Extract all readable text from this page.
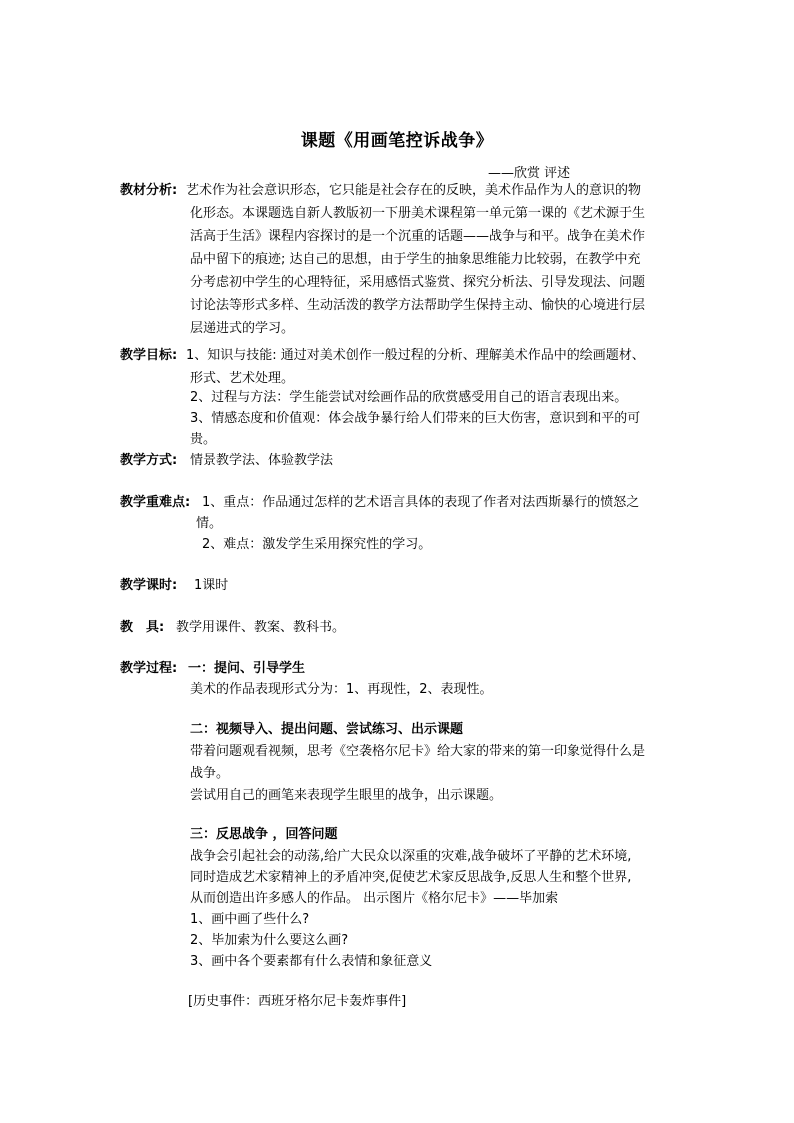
课题《用画笔控诉战争》
——欣赏 评述
教材分析: 艺术作为社会意识形态，它只能是社会存在的反映，美术作品作为人的意识的物
化形态。本课题选自新人教版初一下册美术课程第一单元第一课的《艺术源于生
活高于生活》课程内容探讨的是一个沉重的话题——战争与和平。战争在美术作
品中留下的痕迹; 达自己的思想，由于学生的抽象思维能力比较弱，在教学中充
分考虑初中学生的心理特征，采用感悟式鉴赏、探究分析法、引导发现法、问题
讨论法等形式多样、生动活泼的教学方法帮助学生保持主动、愉快的心境进行层
层递进式的学习。
教学目标: 1、知识与技能: 通过对美术创作一般过程的分析、理解美术作品中的绘画题材、
形式、艺术处理。
2、过程与方法：学生能尝试对绘画作品的欣赏感受用自己的语言表现出来。
3、情感态度和价值观：体会战争暴行给人们带来的巨大伤害，意识到和平的可
贵。
教学方式: 情景教学法、体验教学法
教学重难点: 1、重点：作品通过怎样的艺术语言具体的表现了作者对法西斯暴行的愤怒之
情。
2、难点：激发学生采用探究性的学习。
教学课时: 1课时
教　具: 教学用课件、教案、教科书。
教学过程: 一：提问、引导学生
美术的作品表现形式分为：1、再现性，2、表现性。
二：视频导入、提出问题、尝试练习、出示课题
带着问题观看视频，思考《空袭格尔尼卡》给大家的带来的第一印象觉得什么是
战争。
尝试用自己的画笔来表现学生眼里的战争，出示课题。
三：反思战争 ，回答问题
战争会引起社会的动荡,给广大民众以深重的灾难,战争破坏了平静的艺术环境,
同时造成艺术家精神上的矛盾冲突,促使艺术家反思战争,反思人生和整个世界,
从而创造出许多感人的作品。 出示图片《格尔尼卡》——毕加索
1、画中画了些什么?
2、毕加索为什么要这么画?
3、画中各个要素都有什么表情和象征意义
[历史事件：西班牙格尔尼卡轰炸事件]
